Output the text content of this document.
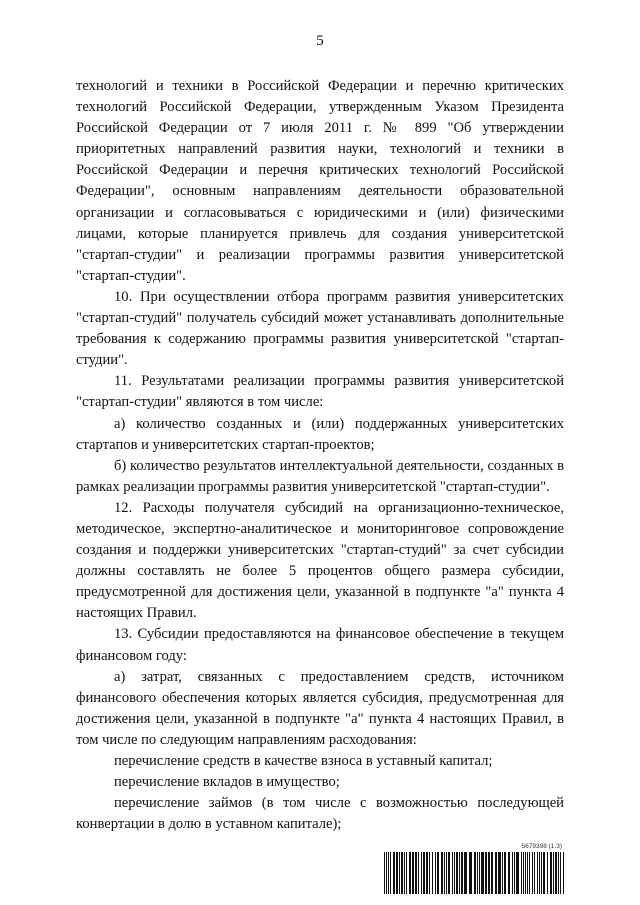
5

технологий и техники в Российской Федерации и перечню критических технологий Российской Федерации, утвержденным Указом Президента Российской Федерации от 7 июля 2011 г. № 899 "Об утверждении приоритетных направлений развития науки, технологий и техники в Российской Федерации и перечня критических технологий Российской Федерации", основным направлениям деятельности образовательной организации и согласовываться с юридическими и (или) физическими лицами, которые планируется привлечь для создания университетской "стартап-студии" и реализации программы развития университетской "стартап-студии".

10. При осуществлении отбора программ развития университетских "стартап-студий" получатель субсидий может устанавливать дополнительные требования к содержанию программы развития университетской "стартап-студии".

11. Результатами реализации программы развития университетской "стартап-студии" являются в том числе:

а) количество созданных и (или) поддержанных университетских стартапов и университетских стартап-проектов;

б) количество результатов интеллектуальной деятельности, созданных в рамках реализации программы развития университетской "стартап-студии".

12. Расходы получателя субсидий на организационно-техническое, методическое, экспертно-аналитическое и мониторинговое сопровождение создания и поддержки университетских "стартап-студий" за счет субсидии должны составлять не более 5 процентов общего размера субсидии, предусмотренной для достижения цели, указанной в подпункте "а" пункта 4 настоящих Правил.

13. Субсидии предоставляются на финансовое обеспечение в текущем финансовом году:

а) затрат, связанных с предоставлением средств, источником финансового обеспечения которых является субсидия, предусмотренная для достижения цели, указанной в подпункте "а" пункта 4 настоящих Правил, в том числе по следующим направлениям расходования:

перечисление средств в качестве взноса в уставный капитал;

перечисление вкладов в имущество;

перечисление займов (в том числе с возможностью последующей конвертации в долю в уставном капитале);

5679398 (1.3)
